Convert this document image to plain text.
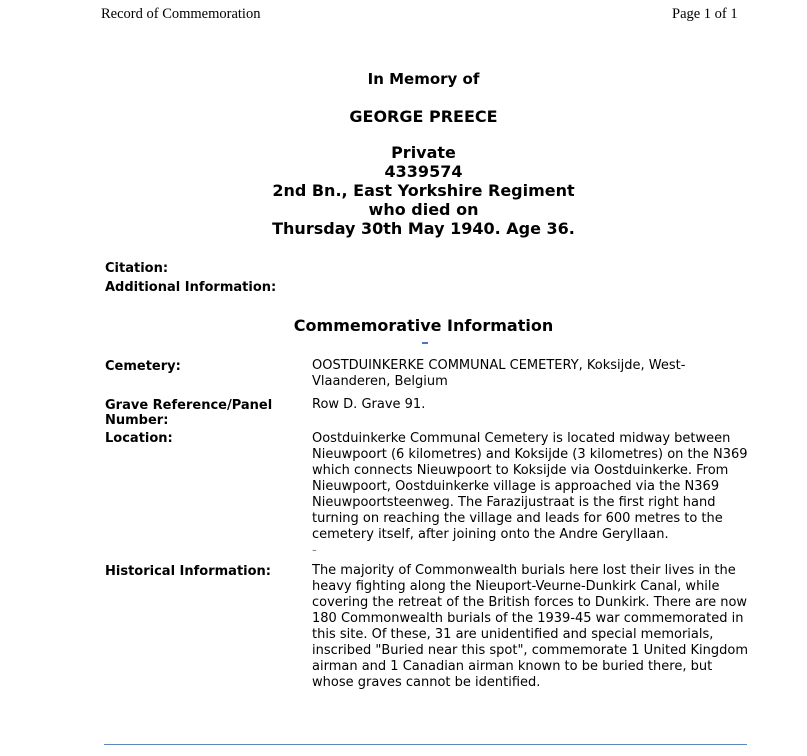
Record of Commemoration	Page 1 of 1
In Memory of
GEORGE PREECE
Private
4339574
2nd Bn., East Yorkshire Regiment
who died on
Thursday 30th May 1940. Age 36.
Citation:
Additional Information:
Commemorative Information
Cemetery:	OOSTDUINKERKE COMMUNAL CEMETERY, Koksijde, West-Vlaanderen, Belgium
Grave Reference/Panel Number:
Row D. Grave 91.
Location:	Oostduinkerke Communal Cemetery is located midway between Nieuwpoort (6 kilometres) and Koksijde (3 kilometres) on the N369 which connects Nieuwpoort to Koksijde via Oostduinkerke. From Nieuwpoort, Oostduinkerke village is approached via the N369 Nieuwpoortsteenweg. The Farazijustraat is the first right hand turning on reaching the village and leads for 600 metres to the cemetery itself, after joining onto the Andre Geryllaan.
-
Historical Information:	The majority of Commonwealth burials here lost their lives in the heavy fighting along the Nieuport-Veurne-Dunkirk Canal, while covering the retreat of the British forces to Dunkirk. There are now 180 Commonwealth burials of the 1939-45 war commemorated in this site. Of these, 31 are unidentified and special memorials, inscribed "Buried near this spot", commemorate 1 United Kingdom airman and 1 Canadian airman known to be buried there, but whose graves cannot be identified.
